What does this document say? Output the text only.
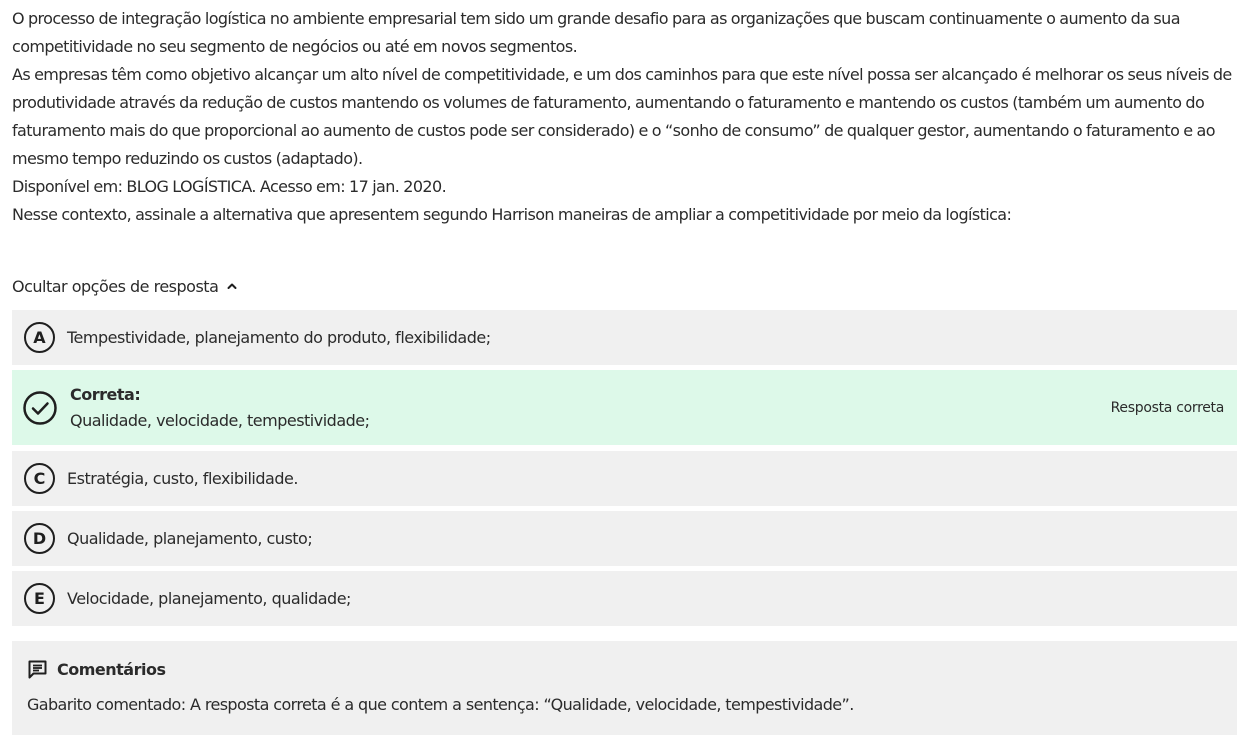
O processo de integração logística no ambiente empresarial tem sido um grande desafio para as organizações que buscam continuamente o aumento da sua competitividade no seu segmento de negócios ou até em novos segmentos.

As empresas têm como objetivo alcançar um alto nível de competitividade, e um dos caminhos para que este nível possa ser alcançado é melhorar os seus níveis de produtividade através da redução de custos mantendo os volumes de faturamento, aumentando o faturamento e mantendo os custos (também um aumento do faturamento mais do que proporcional ao aumento de custos pode ser considerado) e o “sonho de consumo” de qualquer gestor, aumentando o faturamento e ao mesmo tempo reduzindo os custos (adaptado).

Disponível em: BLOG LOGÍSTICA. Acesso em: 17 jan. 2020.

Nesse contexto, assinale a alternativa que apresentem segundo Harrison maneiras de ampliar a competitividade por meio da logística:

Ocultar opções de resposta
A	Tempestividade, planejamento do produto, flexibilidade;
Correta:
Qualidade, velocidade, tempestividade;
Resposta correta
C	Estratégia, custo, flexibilidade.
D	Qualidade, planejamento, custo;
E	Velocidade, planejamento, qualidade;
Comentários
Gabarito comentado: A resposta correta é a que contem a sentença: “Qualidade, velocidade, tempestividade”.
